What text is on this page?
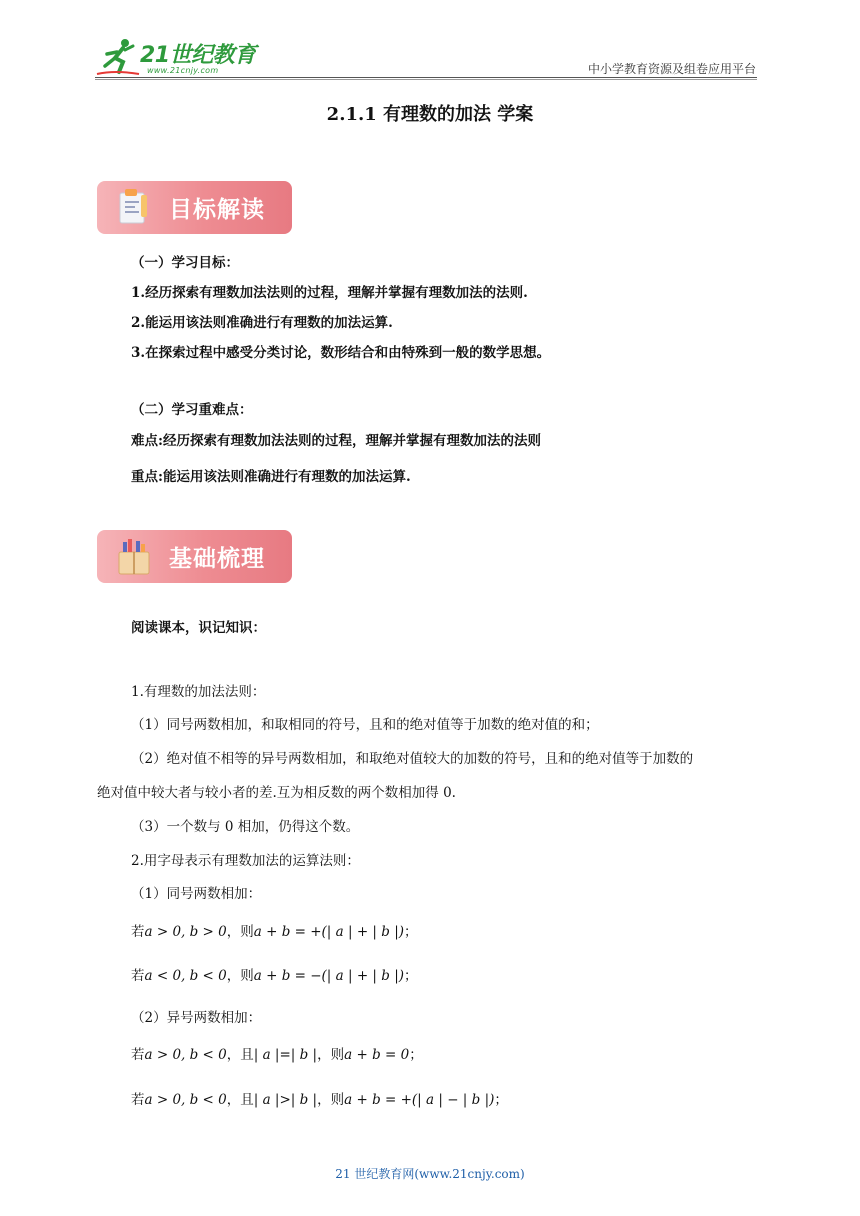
21世纪教育
www.21cnjy.com	中小学教育资源及组卷应用平台
2.1.1 有理数的加法 学案
目标解读
（一）学习目标：
1.经历探索有理数加法法则的过程，理解并掌握有理数加法的法则.
2.能运用该法则准确进行有理数的加法运算.
3.在探索过程中感受分类讨论，数形结合和由特殊到一般的数学思想。
（二）学习重难点：
难点:经历探索有理数加法法则的过程，理解并掌握有理数加法的法则
重点:能运用该法则准确进行有理数的加法运算.
基础梳理
阅读课本，识记知识：
1.有理数的加法法则：
（1）同号两数相加，和取相同的符号，且和的绝对值等于加数的绝对值的和；
（2）绝对值不相等的异号两数相加，和取绝对值较大的加数的符号，且和的绝对值等于加数的
绝对值中较大者与较小者的差.互为相反数的两个数相加得 0.
（3）一个数与 0 相加，仍得这个数。
2.用字母表示有理数加法的运算法则：
（1）同号两数相加：
若a > 0, b > 0，则a + b = +(| a | + | b |)；
若a < 0, b < 0，则a + b = −(| a | + | b |)；
（2）异号两数相加：
若a > 0, b < 0，且| a |=| b |，则a + b = 0；
若a > 0, b < 0，且| a |>| b |，则a + b = +(| a | − | b |)；
21 世纪教育网(www.21cnjy.com)
